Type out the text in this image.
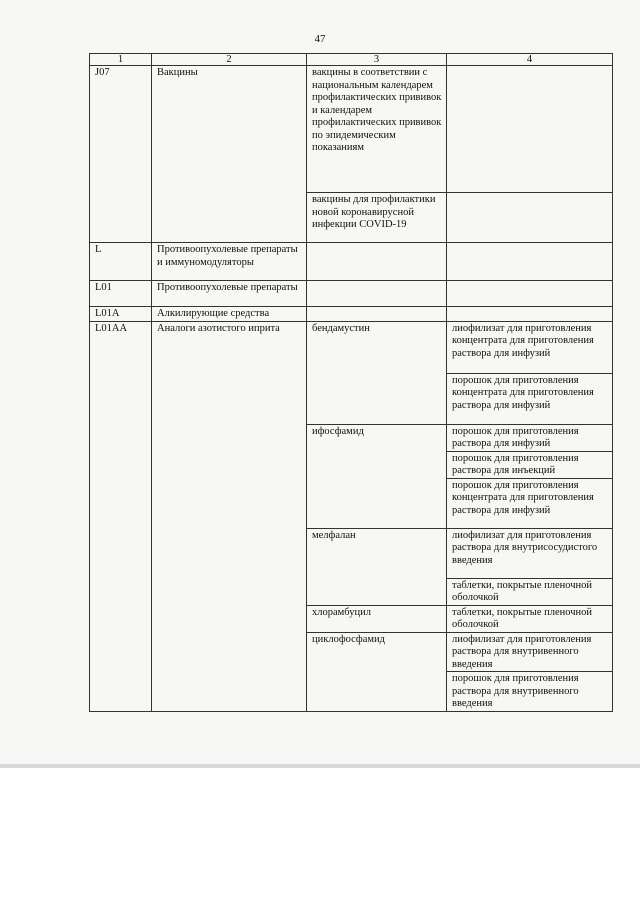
47
1	2	3	4
J07	Вакцины	вакцины в соответствии с национальным календарем профилактических прививок и календарем профилактических прививок по эпидемическим показаниям	
		вакцины для профилактики новой коронавирусной инфекции COVID-19	
L	Противоопухолевые препараты и иммуномодуляторы		
L01	Противоопухолевые препараты		
L01A	Алкилирующие средства		
L01AA	Аналоги азотистого иприта	бендамустин	лиофилизат для приготовления концентрата для приготовления раствора для инфузий
			порошок для приготовления концентрата для приготовления раствора для инфузий
		ифосфамид	порошок для приготовления раствора для инфузий
			порошок для приготовления раствора для инъекций
			порошок для приготовления концентрата для приготовления раствора для инфузий
		мелфалан	лиофилизат для приготовления раствора для внутрисосудистого введения
			таблетки, покрытые пленочной оболочкой
		хлорамбуцил	таблетки, покрытые пленочной оболочкой
		циклофосфамид	лиофилизат для приготовления раствора для внутривенного введения
			порошок для приготовления раствора для внутривенного введения
